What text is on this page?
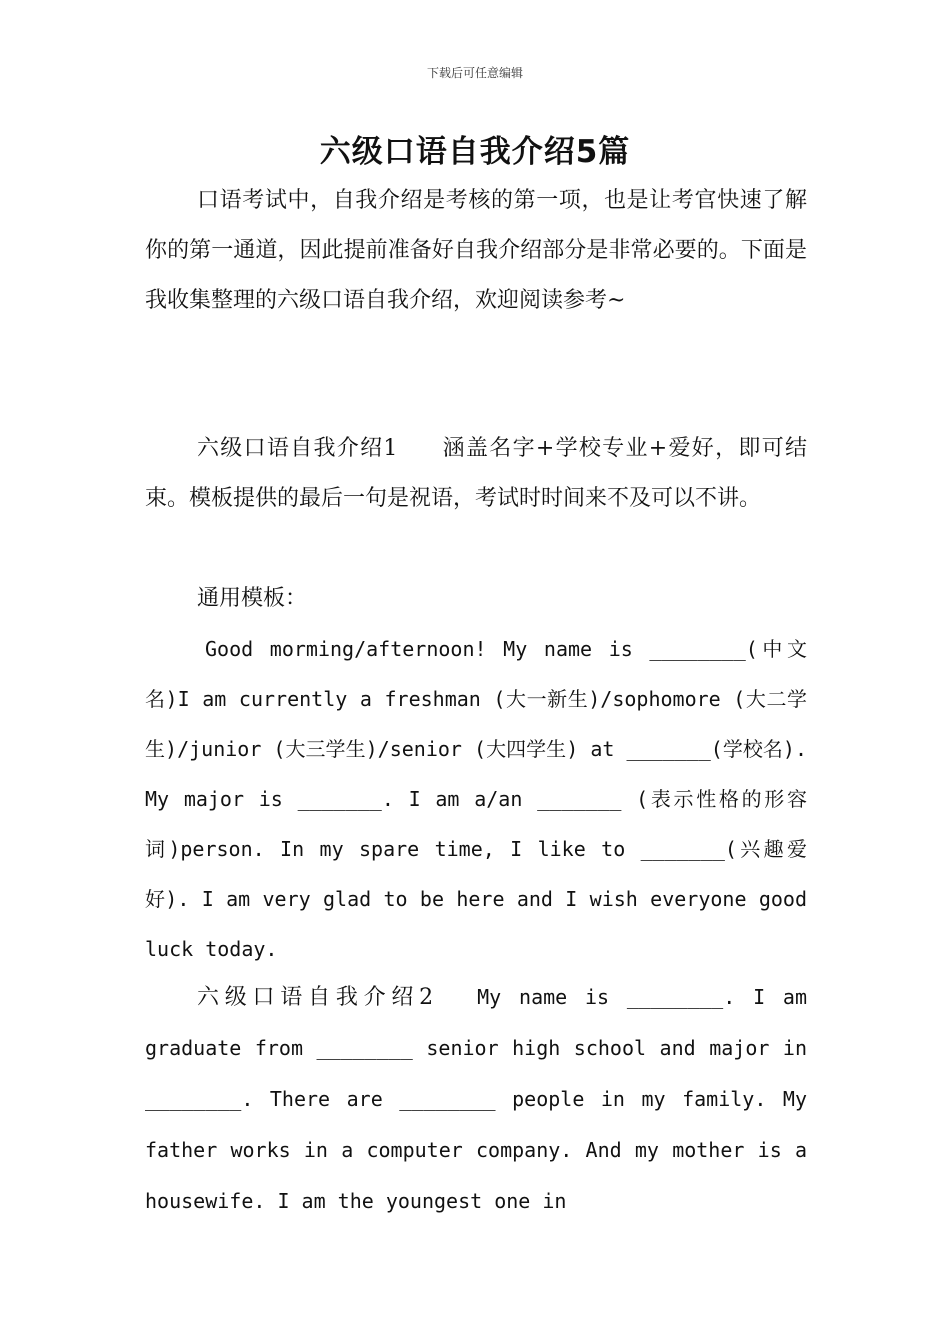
下载后可任意编辑
六级口语自我介绍5篇

口语考试中，自我介绍是考核的第一项，也是让考官快速了解你的第一通道，因此提前准备好自我介绍部分是非常必要的。下面是我收集整理的六级口语自我介绍，欢迎阅读参考~

六级口语自我介绍1 涵盖名字+学校专业+爱好，即可结束。模板提供的最后一句是祝语，考试时时间来不及可以不讲。

通用模板：

Good morming/afternoon! My name is ________(中文名)I am currently a freshman (大一新生)/sophomore (大二学生)/junior (大三学生)/senior (大四学生) at _______(学校名). My major is _______. I am a/an _______ (表示性格的形容词)person. In my spare time, I like to _______(兴趣爱好). I am very glad to be here and I wish everyone good luck today.

六级口语自我介绍2 My name is ________. I am graduate from ________ senior high school and major in ________. There are ________ people in my family. My father works in a computer company. And my mother is a housewife. I am the youngest one in
